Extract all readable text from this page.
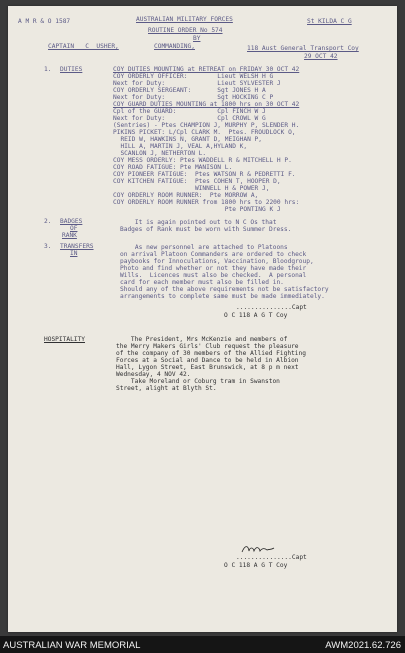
A M R & O 1587	AUSTRALIAN MILITARY FORCES	St KILDA C G
ROUTINE ORDER No 574
BY
CAPTAIN   C  USHER,	COMMANDING,	118 Aust General Transport Coy
29 OCT 42
1. DUTIES	COY DUTIES MOUNTING at RETREAT on FRIDAY 30 OCT 42
COY ORDERLY OFFICER:        Lieut WELSH H G
Next for Duty:              Lieut SYLVESTER J
COY ORDERLY SERGEANT:       Sgt JONES H A
Next for Duty:              Sgt HOCKING C P
COY GUARD DUTIES MOUNTING at 1800 hrs on 30 OCT 42
Cpl of the GUARD:           Cpl FINCH W J
Next for Duty:              Cpl CROWL W G
(Sentries) - Ptes CHAMPION J, MURPHY P, SLENDER H.
PIKINS PICKET: L/Cpl CLARK M.  Ptes. FROUDLOCK O,
REID W, HAWKINS N, GRANT D, MEIGHAN P,
HILL A, MARTIN J, VEAL A,HYLAND K,
SCANLON J, NETHERTON L.
COY MESS ORDERLY: Ptes WADDELL R & MITCHELL H P.
COY ROAD FATIGUE: Pte MANISON L.
COY PIONEER FATIGUE:  Ptes WATSON R & PEDRETTI F.
COY KITCHEN FATIGUE:  Ptes COHEN T, HOOPER D,
WINNELL H & POWER J,
COY ORDERLY ROOM RUNNER:  Pte MORROW A,
COY ORDERLY ROOM RUNNER from 1800 hrs to 2200 hrs:
Pte PONTING K J
2. BADGES
OF
RANK
It is again pointed out to N C Os that
Badges of Rank must be worn with Summer Dress.
3. TRANSFERS
IN
As new personnel are attached to Platoons
on arrival Platoon Commanders are ordered to check
paybooks for Innoculations, Vaccination, Bloodgroup,
Photo and find whether or not they have made their
Wills.  Licences must also be checked.  A personal
card for each member must also be filled in.
Should any of the above requirements not be satisfactory
arrangements to complete same must be made immediately.
...............Capt
O C 118 A G T Coy
HOSPITALITY	The President, Mrs McKenzie and members of
the Merry Makers Girls' Club request the pleasure
of the company of 30 members of the Allied Fighting
Forces at a Social and Dance to be held in Albion
Hall, Lygon Street, East Brunswick, at 8 p m next
Wednesday, 4 NOV 42.
Take Moreland or Coburg tram in Swanston
Street, alight at Blyth St.
...............Capt
O C 118 A G T Coy
AUSTRALIAN WAR MEMORIAL	AWM2021.62.726
